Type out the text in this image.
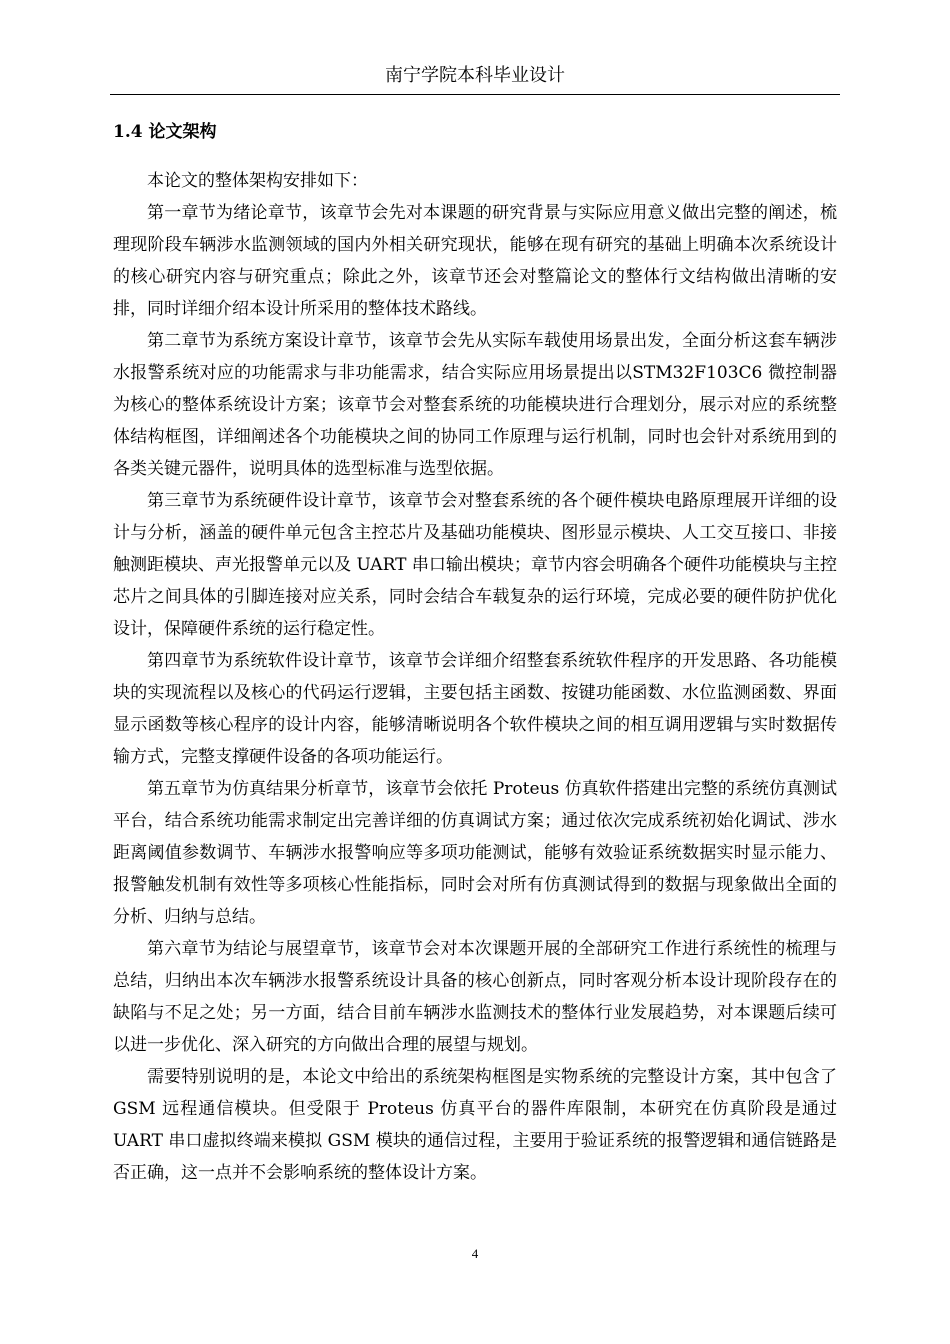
南宁学院本科毕业设计
1.4 论文架构

本论文的整体架构安排如下：

第一章节为绪论章节，该章节会先对本课题的研究背景与实际应用意义做出完整的阐述，梳理现阶段车辆涉水监测领域的国内外相关研究现状，能够在现有研究的基础上明确本次系统设计的核心研究内容与研究重点；除此之外，该章节还会对整篇论文的整体行文结构做出清晰的安排，同时详细介绍本设计所采用的整体技术路线。

第二章节为系统方案设计章节，该章节会先从实际车载使用场景出发，全面分析这套车辆涉水报警系统对应的功能需求与非功能需求，结合实际应用场景提出以STM32F103C6 微控制器为核心的整体系统设计方案；该章节会对整套系统的功能模块进行合理划分，展示对应的系统整体结构框图，详细阐述各个功能模块之间的协同工作原理与运行机制，同时也会针对系统用到的各类关键元器件，说明具体的选型标准与选型依据。

第三章节为系统硬件设计章节，该章节会对整套系统的各个硬件模块电路原理展开详细的设计与分析，涵盖的硬件单元包含主控芯片及基础功能模块、图形显示模块、人工交互接口、非接触测距模块、声光报警单元以及 UART 串口输出模块；章节内容会明确各个硬件功能模块与主控芯片之间具体的引脚连接对应关系，同时会结合车载复杂的运行环境，完成必要的硬件防护优化设计，保障硬件系统的运行稳定性。

第四章节为系统软件设计章节，该章节会详细介绍整套系统软件程序的开发思路、各功能模块的实现流程以及核心的代码运行逻辑，主要包括主函数、按键功能函数、水位监测函数、界面显示函数等核心程序的设计内容，能够清晰说明各个软件模块之间的相互调用逻辑与实时数据传输方式，完整支撑硬件设备的各项功能运行。

第五章节为仿真结果分析章节，该章节会依托 Proteus 仿真软件搭建出完整的系统仿真测试平台，结合系统功能需求制定出完善详细的仿真调试方案；通过依次完成系统初始化调试、涉水距离阈值参数调节、车辆涉水报警响应等多项功能测试，能够有效验证系统数据实时显示能力、报警触发机制有效性等多项核心性能指标，同时会对所有仿真测试得到的数据与现象做出全面的分析、归纳与总结。

第六章节为结论与展望章节，该章节会对本次课题开展的全部研究工作进行系统性的梳理与总结，归纳出本次车辆涉水报警系统设计具备的核心创新点，同时客观分析本设计现阶段存在的缺陷与不足之处；另一方面，结合目前车辆涉水监测技术的整体行业发展趋势，对本课题后续可以进一步优化、深入研究的方向做出合理的展望与规划。

需要特别说明的是，本论文中给出的系统架构框图是实物系统的完整设计方案，其中包含了 GSM 远程通信模块。但受限于 Proteus 仿真平台的器件库限制，本研究在仿真阶段是通过 UART 串口虚拟终端来模拟 GSM 模块的通信过程，主要用于验证系统的报警逻辑和通信链路是否正确，这一点并不会影响系统的整体设计方案。

4
